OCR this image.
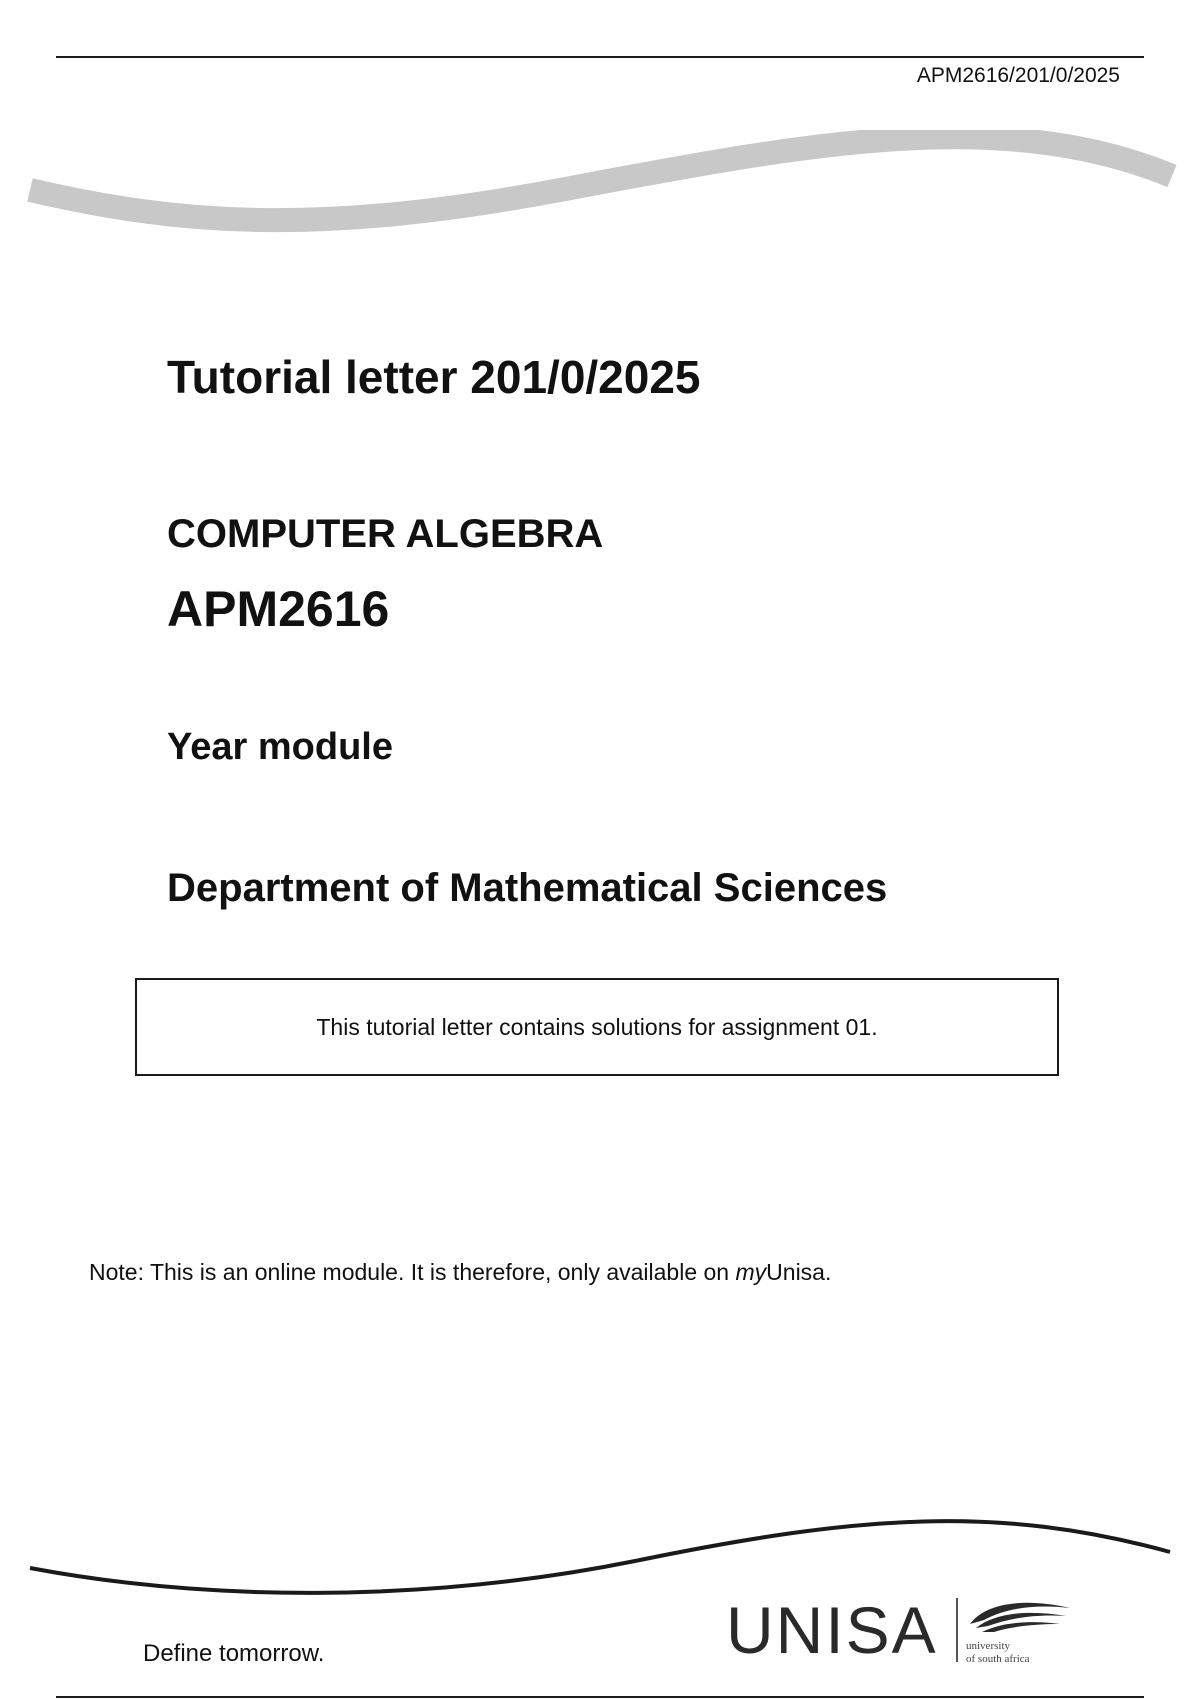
APM2616/201/0/2025
Tutorial letter 201/0/2025
COMPUTER ALGEBRA
APM2616
Year module
Department of Mathematical Sciences
This tutorial letter contains solutions for assignment 01.
Note: This is an online module. It is therefore, only available on myUnisa.
Define tomorrow.	UNISA	university
of south africa
